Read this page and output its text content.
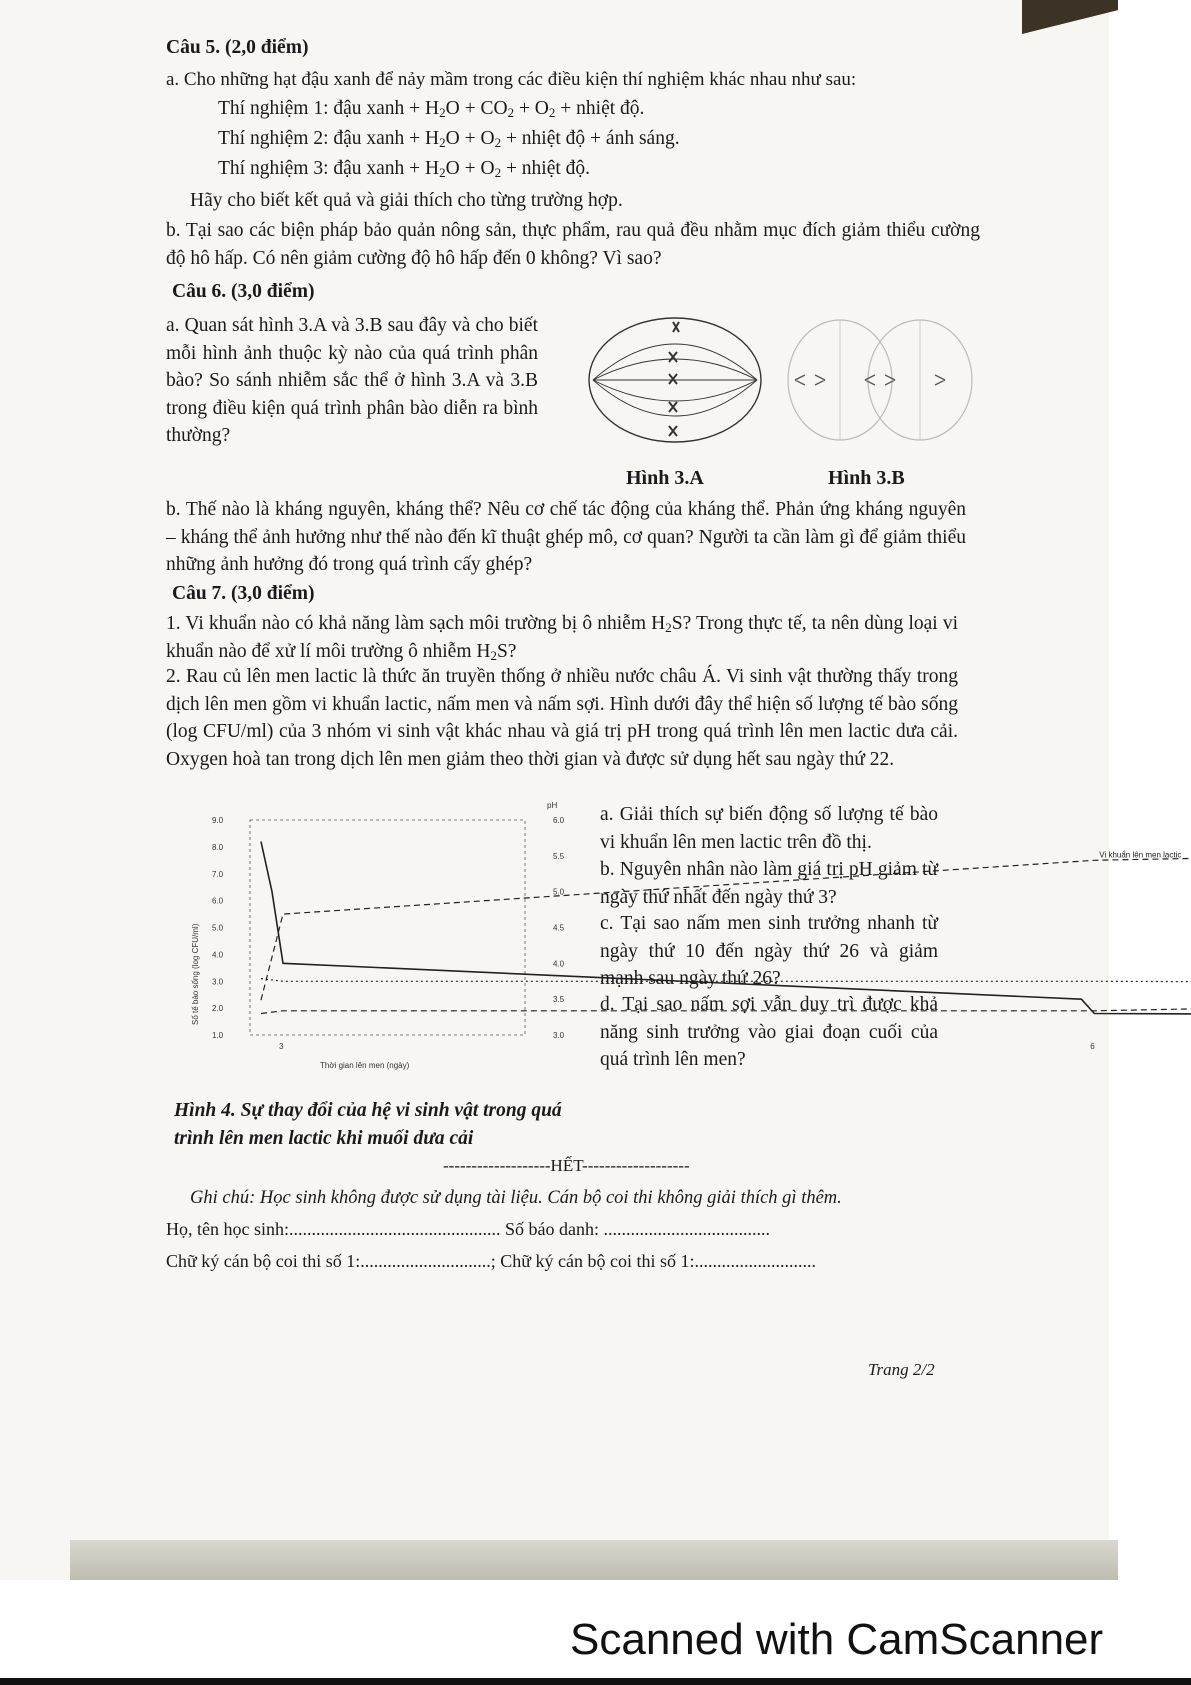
Câu 5. (2,0 điểm)
a. Cho những hạt đậu xanh để nảy mầm trong các điều kiện thí nghiệm khác nhau như sau:
Thí nghiệm 1: đậu xanh + $H_2O + CO_2 + O_2$ + nhiệt độ.
Thí nghiệm 2: đậu xanh + $H_2O + O_2$ + nhiệt độ + ánh sáng.
Thí nghiệm 3: đậu xanh + $H_2O + O_2$ + nhiệt độ.
Hãy cho biết kết quả và giải thích cho từng trường hợp.
b. Tại sao các biện pháp bảo quản nông sản, thực phẩm, rau quả đều nhằm mục đích giảm thiểu cường độ hô hấp. Có nên giảm cường độ hô hấp đến 0 không? Vì sao?
Câu 6. (3,0 điểm)
a. Quan sát hình 3.A và 3.B sau đây và cho biết mỗi hình ảnh thuộc kỳ nào của quá trình phân bào? So sánh nhiễm sắc thể ở hình 3.A và 3.B trong điều kiện quá trình phân bào diễn ra bình thường?
Hình 3.A	Hình 3.B
b. Thế nào là kháng nguyên, kháng thể? Nêu cơ chế tác động của kháng thể. Phản ứng kháng nguyên – kháng thể ảnh hưởng như thế nào đến kĩ thuật ghép mô, cơ quan? Người ta cần làm gì để giảm thiểu những ảnh hưởng đó trong quá trình cấy ghép?
Câu 7. (3,0 điểm)
1. Vi khuẩn nào có khả năng làm sạch môi trường bị ô nhiễm $H_2S$? Trong thực tế, ta nên dùng loại vi khuẩn nào để xử lí môi trường ô nhiễm $H_2S$?
2. Rau củ lên men lactic là thức ăn truyền thống ở nhiều nước châu Á. Vi sinh vật thường thấy trong dịch lên men gồm vi khuẩn lactic, nấm men và nấm sợi. Hình dưới đây thể hiện số lượng tế bào sống (log CFU/ml) của 3 nhóm vi sinh vật khác nhau và giá trị pH trong quá trình lên men lactic dưa cải. Oxygen hoà tan trong dịch lên men giảm theo thời gian và được sử dụng hết sau ngày thứ 22.
1.0
2.0
3.0
4.0
5.0
6.0
7.0
8.0
9.0
3.0
3.5
4.0
4.5
5.0
5.5
6.0
3	6
Thời gian lên men (ngày)
Số tế bào sống (log CFU/ml)
pH
Vi khuẩn lên men lactic
a. Giải thích sự biến động số lượng tế bào vi khuẩn lên men lactic trên đồ thị.
b. Nguyên nhân nào làm giá trị pH giảm từ ngày thứ nhất đến ngày thứ 3?
c. Tại sao nấm men sinh trưởng nhanh từ ngày thứ 10 đến ngày thứ 26 và giảm mạnh sau ngày thứ 26?
d. Tại sao nấm sợi vẫn duy trì được khả năng sinh trưởng vào giai đoạn cuối của quá trình lên men?
Hình 4. Sự thay đổi của hệ vi sinh vật trong quá trình lên men lactic khi muối dưa cải
-------------------HẾT-------------------
Ghi chú: Học sinh không được sử dụng tài liệu. Cán bộ coi thi không giải thích gì thêm.
Họ, tên học sinh:............................................... Số báo danh: .....................................
Chữ ký cán bộ coi thi số 1:.............................; Chữ ký cán bộ coi thi số 1:...........................
Trang 2/2
Scanned with CamScanner
